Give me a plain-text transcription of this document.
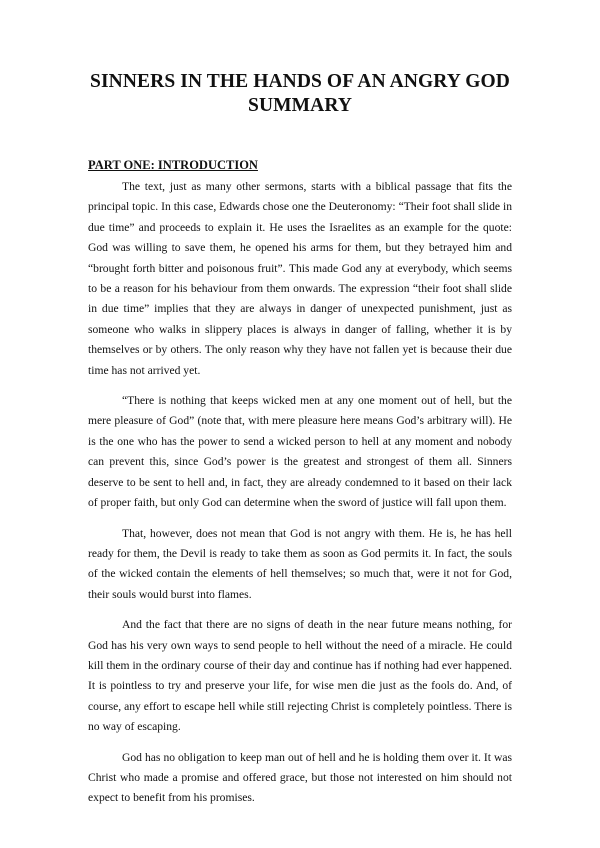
SINNERS IN THE HANDS OF AN ANGRY GOD
SUMMARY
PART ONE: INTRODUCTION

The text, just as many other sermons, starts with a biblical passage that fits the principal topic. In this case, Edwards chose one the Deuteronomy: “Their foot shall slide in due time” and proceeds to explain it. He uses the Israelites as an example for the quote: God was willing to save them, he opened his arms for them, but they betrayed him and “brought forth bitter and poisonous fruit”. This made God any at everybody, which seems to be a reason for his behaviour from them onwards. The expression “their foot shall slide in due time” implies that they are always in danger of unexpected punishment, just as someone who walks in slippery places is always in danger of falling, whether it is by themselves or by others. The only reason why they have not fallen yet is because their due time has not arrived yet.

“There is nothing that keeps wicked men at any one moment out of hell, but the mere pleasure of God” (note that, with mere pleasure here means God’s arbitrary will). He is the one who has the power to send a wicked person to hell at any moment and nobody can prevent this, since God’s power is the greatest and strongest of them all. Sinners deserve to be sent to hell and, in fact, they are already condemned to it based on their lack of proper faith, but only God can determine when the sword of justice will fall upon them.

That, however, does not mean that God is not angry with them. He is, he has hell ready for them, the Devil is ready to take them as soon as God permits it. In fact, the souls of the wicked contain the elements of hell themselves; so much that, were it not for God, their souls would burst into flames.

And the fact that there are no signs of death in the near future means nothing, for God has his very own ways to send people to hell without the need of a miracle. He could kill them in the ordinary course of their day and continue has if nothing had ever happened. It is pointless to try and preserve your life, for wise men die just as the fools do. And, of course, any effort to escape hell while still rejecting Christ is completely pointless. There is no way of escaping.

God has no obligation to keep man out of hell and he is holding them over it. It was Christ who made a promise and offered grace, but those not interested on him should not expect to benefit from his promises.
